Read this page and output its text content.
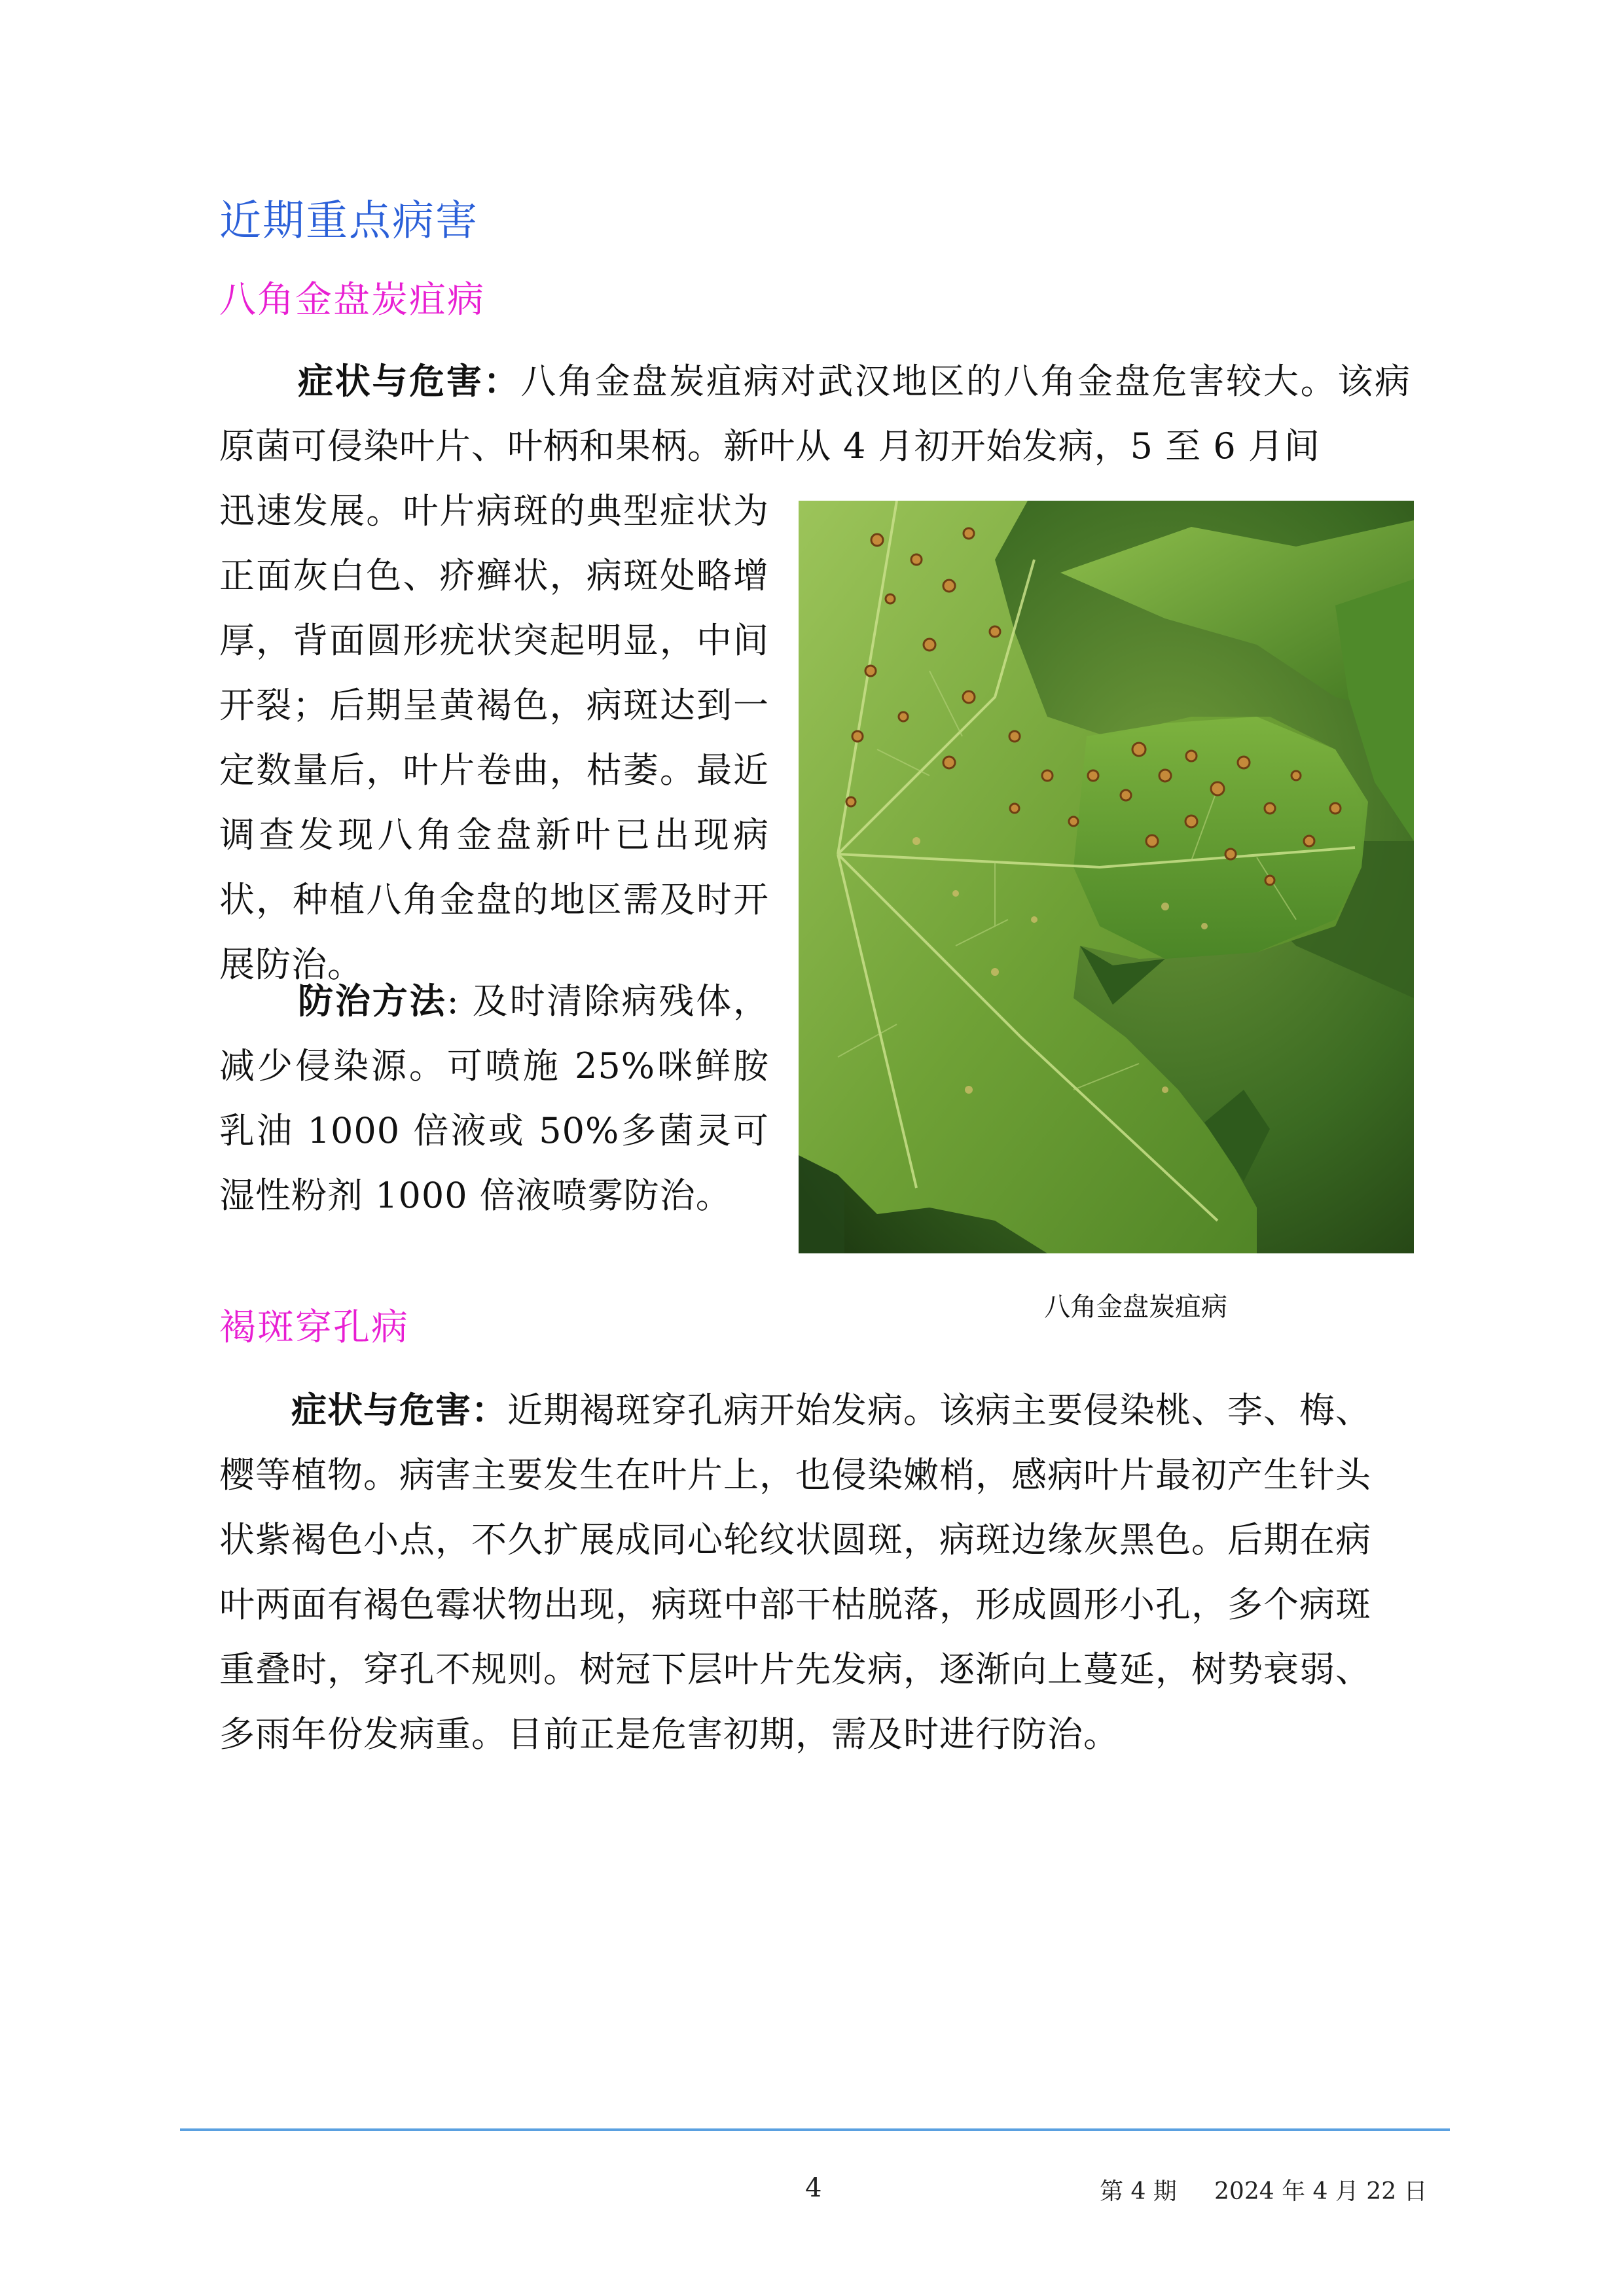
近期重点病害
八角金盘炭疽病

症状与危害：八角金盘炭疽病对武汉地区的八角金盘危害较大。该病原菌可侵染叶片、叶柄和果柄。新叶从 4 月初开始发病，5 至 6 月间

迅速发展。叶片病斑的典型症状为正面灰白色、疥癣状，病斑处略增厚，背面圆形疣状突起明显，中间开裂；后期呈黄褐色，病斑达到一定数量后，叶片卷曲，枯萎。最近调查发现八角金盘新叶已出现病状，种植八角金盘的地区需及时开展防治。

防治方法: 及时清除病残体，减少侵染源。可喷施 25%咪鲜胺乳油 1000 倍液或 50%多菌灵可湿性粉剂 1000 倍液喷雾防治。

八角金盘炭疽病
褐斑穿孔病

症状与危害：近期褐斑穿孔病开始发病。该病主要侵染桃、李、梅、樱等植物。病害主要发生在叶片上，也侵染嫩梢，感病叶片最初产生针头状紫褐色小点，不久扩展成同心轮纹状圆斑，病斑边缘灰黑色。后期在病叶两面有褐色霉状物出现，病斑中部干枯脱落，形成圆形小孔，多个病斑重叠时，穿孔不规则。树冠下层叶片先发病，逐渐向上蔓延，树势衰弱、多雨年份发病重。目前正是危害初期，需及时进行防治。

4	第 4 期     2024 年 4 月 22 日
